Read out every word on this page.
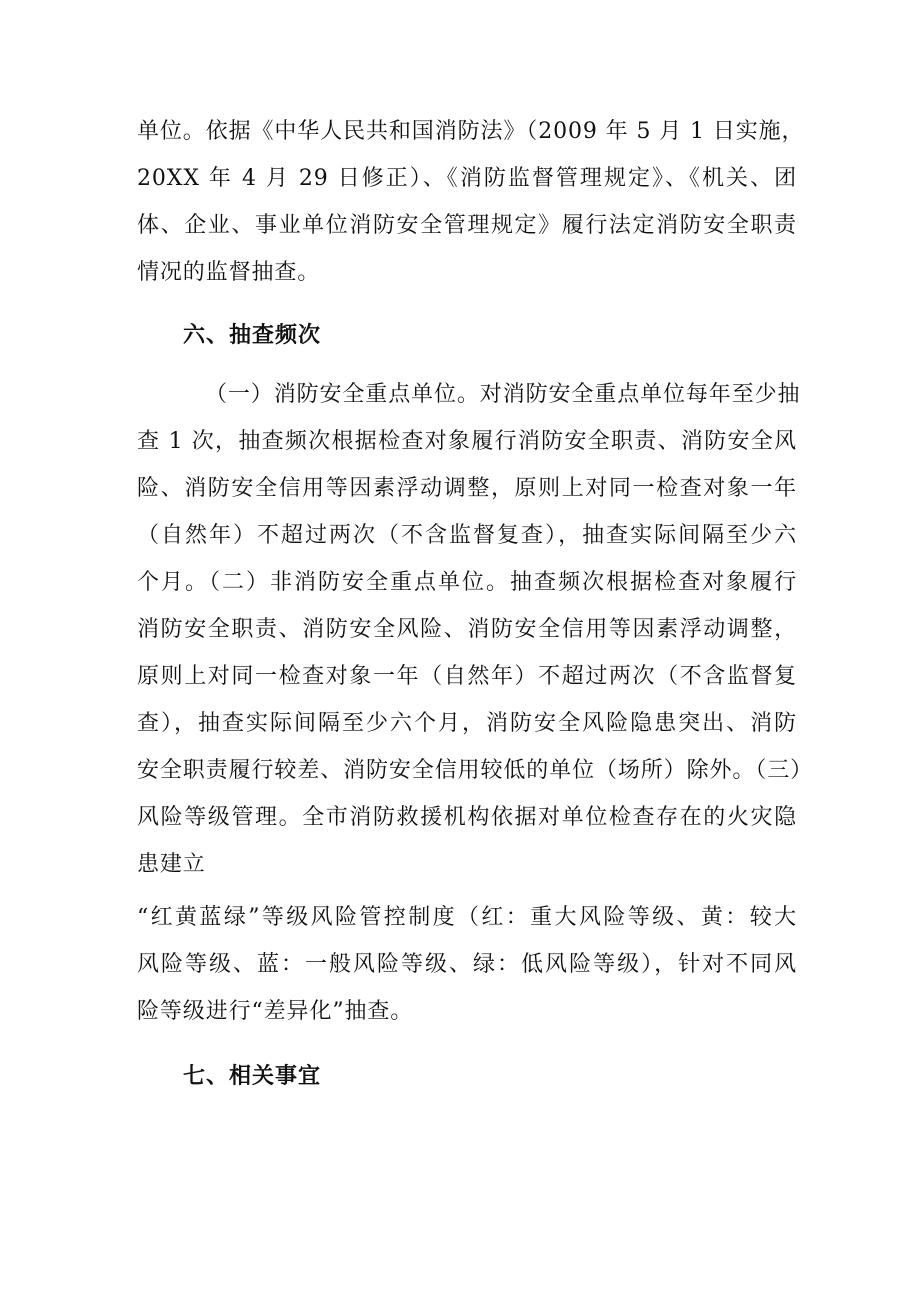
单位。依据《中华人民共和国消防法》（2009 年 5 月 1 日实施，
20XX 年 4 月 29 日修正）、《消防监督管理规定》、《机关、团
体、企业、事业单位消防安全管理规定》履行法定消防安全职责
情况的监督抽查。
六、抽查频次
（一）消防安全重点单位。对消防安全重点单位每年至少抽
查 1 次，抽查频次根据检查对象履行消防安全职责、消防安全风
险、消防安全信用等因素浮动调整，原则上对同一检查对象一年
（自然年）不超过两次（不含监督复查），抽查实际间隔至少六
个月。（二）非消防安全重点单位。抽查频次根据检查对象履行
消防安全职责、消防安全风险、消防安全信用等因素浮动调整，
原则上对同一检查对象一年（自然年）不超过两次（不含监督复
查），抽查实际间隔至少六个月，消防安全风险隐患突出、消防
安全职责履行较差、消防安全信用较低的单位（场所）除外。（三）
风险等级管理。全市消防救援机构依据对单位检查存在的火灾隐
患建立
“红黄蓝绿”等级风险管控制度（红：重大风险等级、黄：较大
风险等级、蓝：一般风险等级、绿：低风险等级），针对不同风
险等级进行“差异化”抽查。
七、相关事宜
